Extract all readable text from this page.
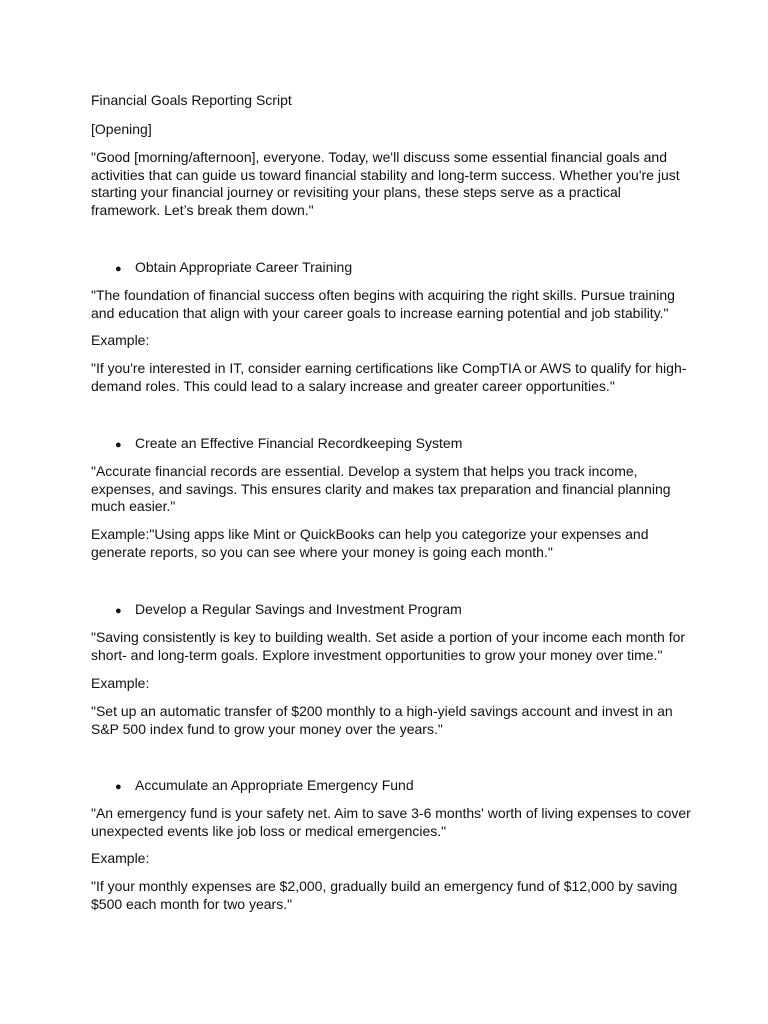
Financial Goals Reporting Script

[Opening]

"Good [morning/afternoon], everyone. Today, we'll discuss some essential financial goals and activities that can guide us toward financial stability and long-term success. Whether you're just starting your financial journey or revisiting your plans, these steps serve as a practical framework. Let’s break them down."

● Obtain Appropriate Career Training

"The foundation of financial success often begins with acquiring the right skills. Pursue training and education that align with your career goals to increase earning potential and job stability."

Example:

"If you're interested in IT, consider earning certifications like CompTIA or AWS to qualify for high-demand roles. This could lead to a salary increase and greater career opportunities."

● Create an Effective Financial Recordkeeping System

"Accurate financial records are essential. Develop a system that helps you track income, expenses, and savings. This ensures clarity and makes tax preparation and financial planning much easier."

Example:"Using apps like Mint or QuickBooks can help you categorize your expenses and generate reports, so you can see where your money is going each month."

● Develop a Regular Savings and Investment Program

"Saving consistently is key to building wealth. Set aside a portion of your income each month for short- and long-term goals. Explore investment opportunities to grow your money over time."

Example:

"Set up an automatic transfer of $200 monthly to a high-yield savings account and invest in an S&P 500 index fund to grow your money over the years."

● Accumulate an Appropriate Emergency Fund

"An emergency fund is your safety net. Aim to save 3-6 months' worth of living expenses to cover unexpected events like job loss or medical emergencies."

Example:

"If your monthly expenses are $2,000, gradually build an emergency fund of $12,000 by saving $500 each month for two years."
